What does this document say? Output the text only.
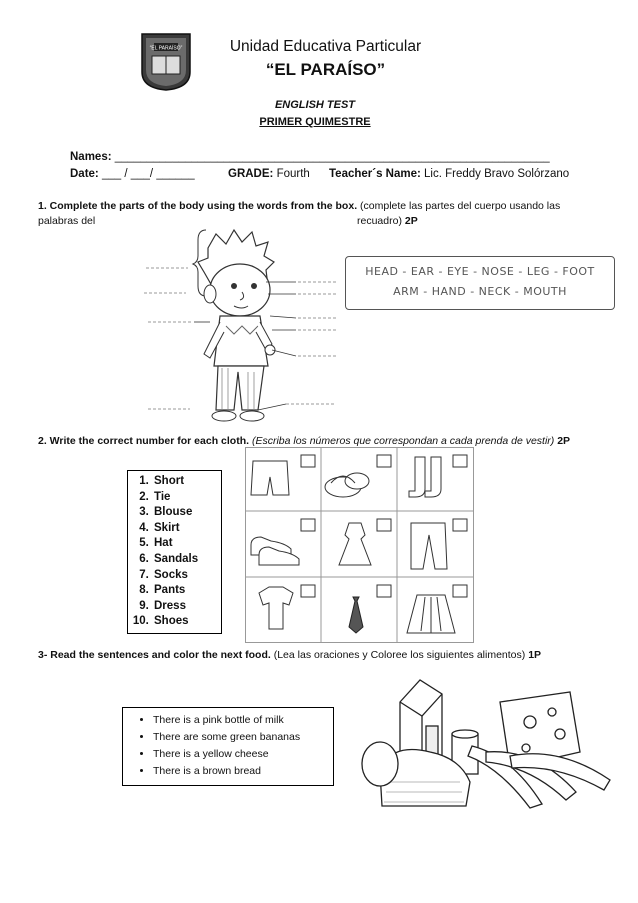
“EL PARAÍSO”	Unidad Educativa Particular
“EL PARAÍSO”
ENGLISH TEST
PRIMER QUIMESTRE
Names: ____________________________________________________________________
Date: ___ / ___/ ______	GRADE: Fourth Teacher´s Name: Lic. Freddy Bravo Solórzano
1. Complete the parts of the body using the words from the box. (complete las partes del cuerpo usando las
palabras del	recuadro) 2P
HEAD - EAR - EYE - NOSE - LEG - FOOT
ARM - HAND - NECK - MOUTH
2. Write the correct number for each cloth. (Escriba los números que correspondan a cada prenda de vestir) 2P
1. Short
2. Tie
3. Blouse
4. Skirt
5. Hat
6. Sandals
7. Socks
8. Pants
9. Dress
10. Shoes
3- Read the sentences and color the next food. (Lea las oraciones y Coloree los siguientes alimentos) 1P
• There is a pink bottle of milk
• There are some green bananas
• There is a yellow cheese
• There is a brown bread
